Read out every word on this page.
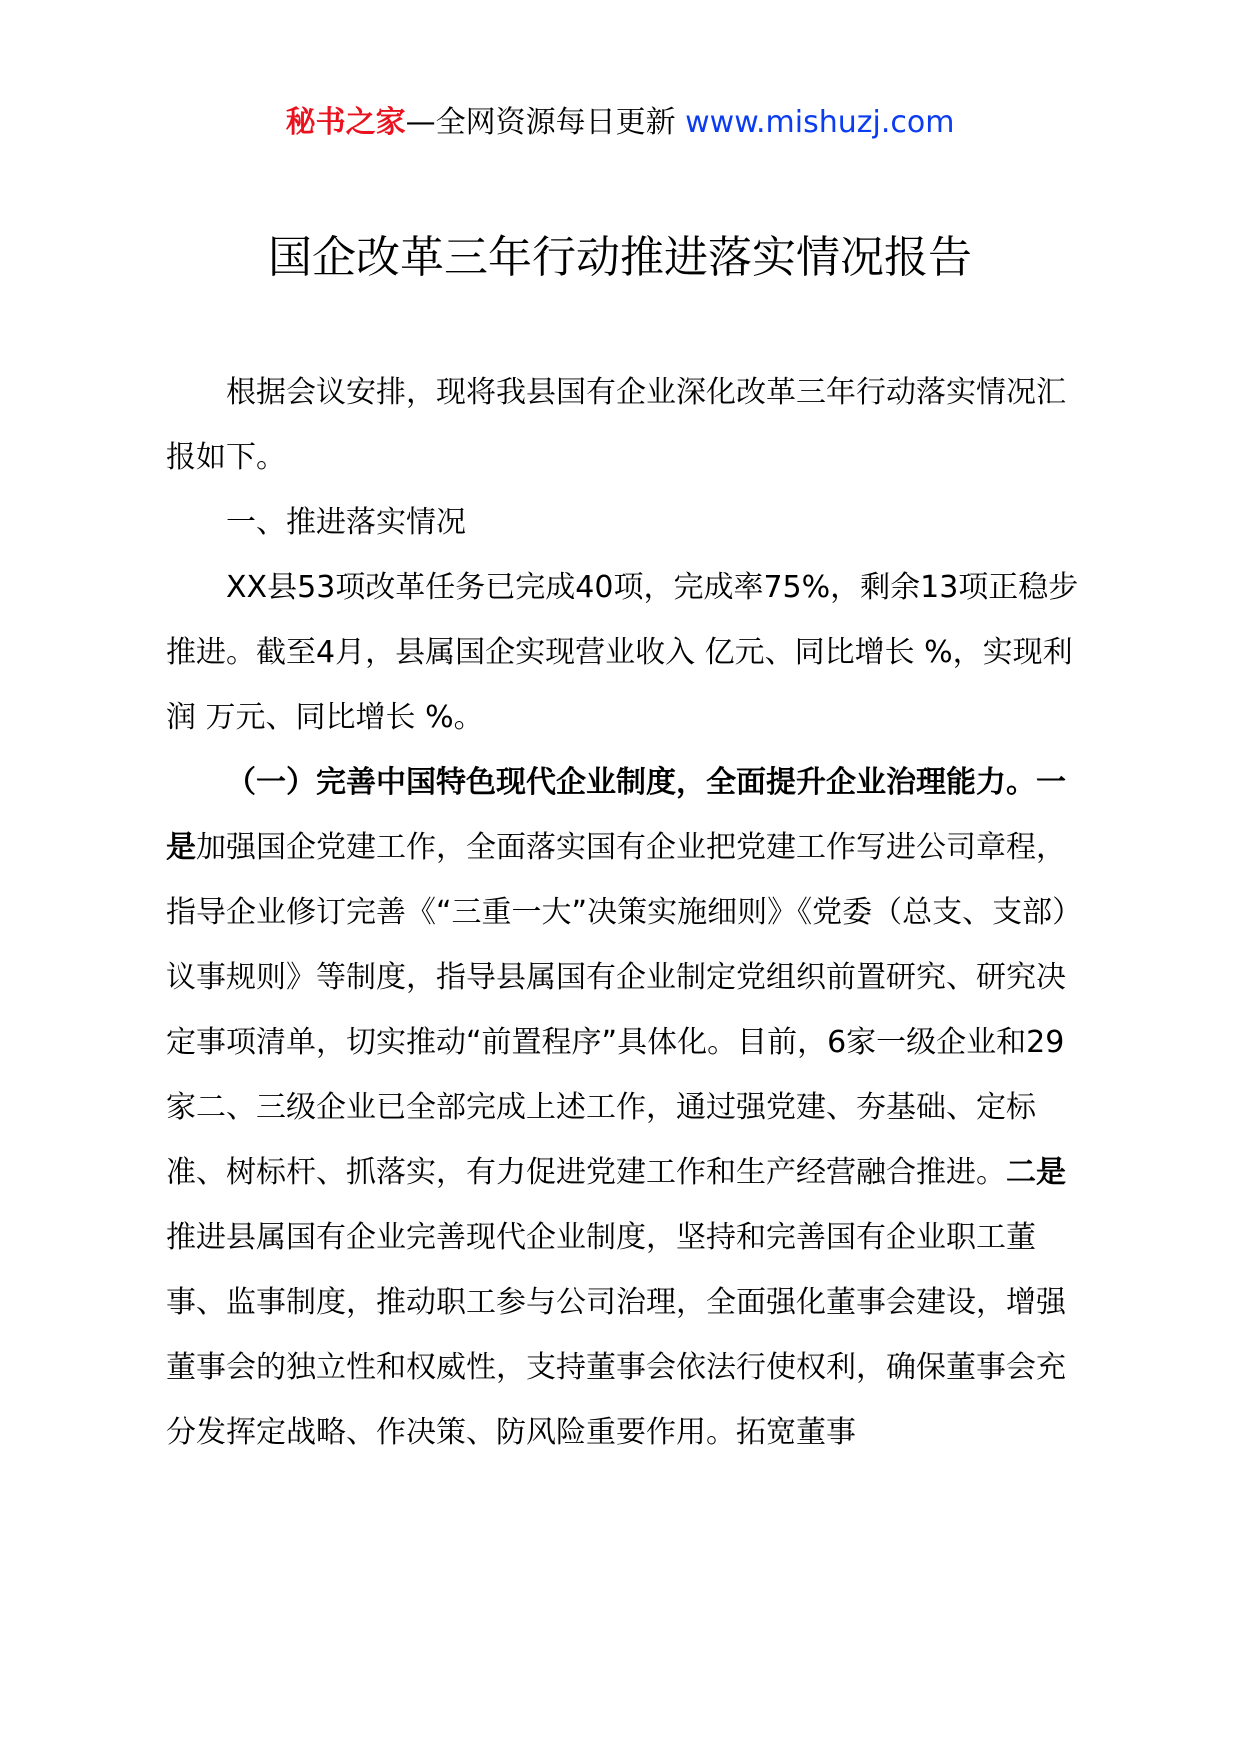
秘书之家—全网资源每日更新 www.mishuzj.com
国企改革三年行动推进落实情况报告

根据会议安排，现将我县国有企业深化改革三年行动落实情况汇报如下。

一、推进落实情况

XX县53项改革任务已完成40项，完成率75%，剩余13项正稳步推进。截至4月，县属国企实现营业收入 亿元、同比增长 %，实现利润 万元、同比增长 %。

（一）完善中国特色现代企业制度，全面提升企业治理能力。一是加强国企党建工作，全面落实国有企业把党建工作写进公司章程，指导企业修订完善《“三重一大”决策实施细则》《党委（总支、支部）议事规则》等制度，指导县属国有企业制定党组织前置研究、研究决定事项清单，切实推动“前置程序”具体化。目前，6家一级企业和29家二、三级企业已全部完成上述工作，通过强党建、夯基础、定标准、树标杆、抓落实，有力促进党建工作和生产经营融合推进。二是推进县属国有企业完善现代企业制度，坚持和完善国有企业职工董事、监事制度，推动职工参与公司治理，全面强化董事会建设，增强董事会的独立性和权威性，支持董事会依法行使权利，确保董事会充分发挥定战略、作决策、防风险重要作用。拓宽董事
